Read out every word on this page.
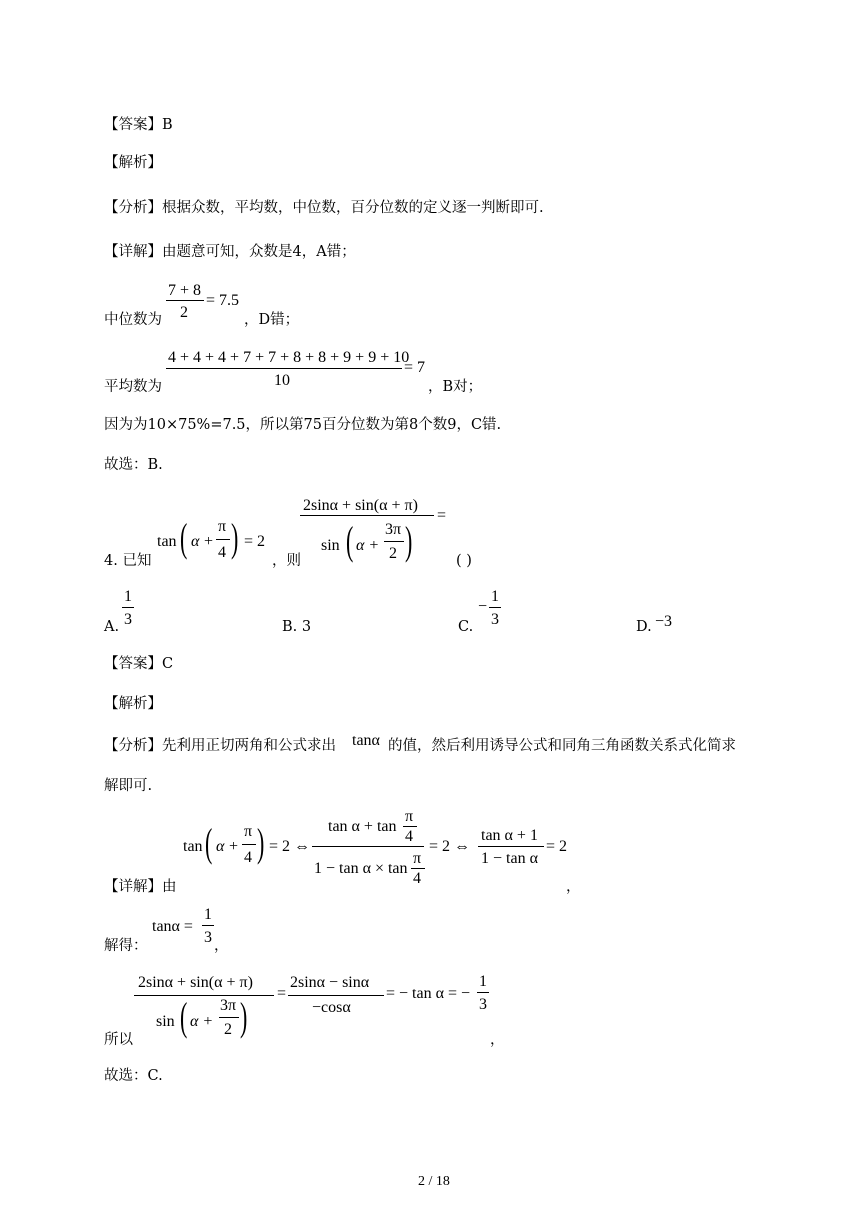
【答案】B
【解析】
【分析】根据众数，平均数，中位数，百分位数的定义逐一判断即可.
【详解】由题意可知，众数是4，A错；
中位数为
7 + 8
2
= 7.5
，D错；
平均数为
4 + 4 + 4 + 7 + 7 + 8 + 8 + 9 + 9 + 10
10
= 7
，B对；
因为为10×75%=7.5，所以第75百分位数为第8个数9，C错.
故选：B.
4. 已知
tan ( α +
π
4 ) = 2
，则
2sinα + sin(α + π)
sin ( α +
3π
2 )
=
( )
A.
1
3	B. 3	C.
−
1
3	D. −3
【答案】C
【解析】
【分析】先利用正切两角和公式求出 tanα 的值，然后利用诱导公式和同角三角函数关系式化简求
解即可.
【详解】由
tan ( α +
π
4 ) = 2 ⇔
tan α + tan
π
4
1 − tan α × tan
π
4
= 2 ⇔
tan α + 1
1 − tan α
= 2
，
解得：
tanα =
1
3 ，
所以
2sinα + sin(α + π)
sin ( α +
3π
2 )
=
2sinα − sinα
−cosα
= − tan α = −
1
3
，
故选：C.
2 / 18
